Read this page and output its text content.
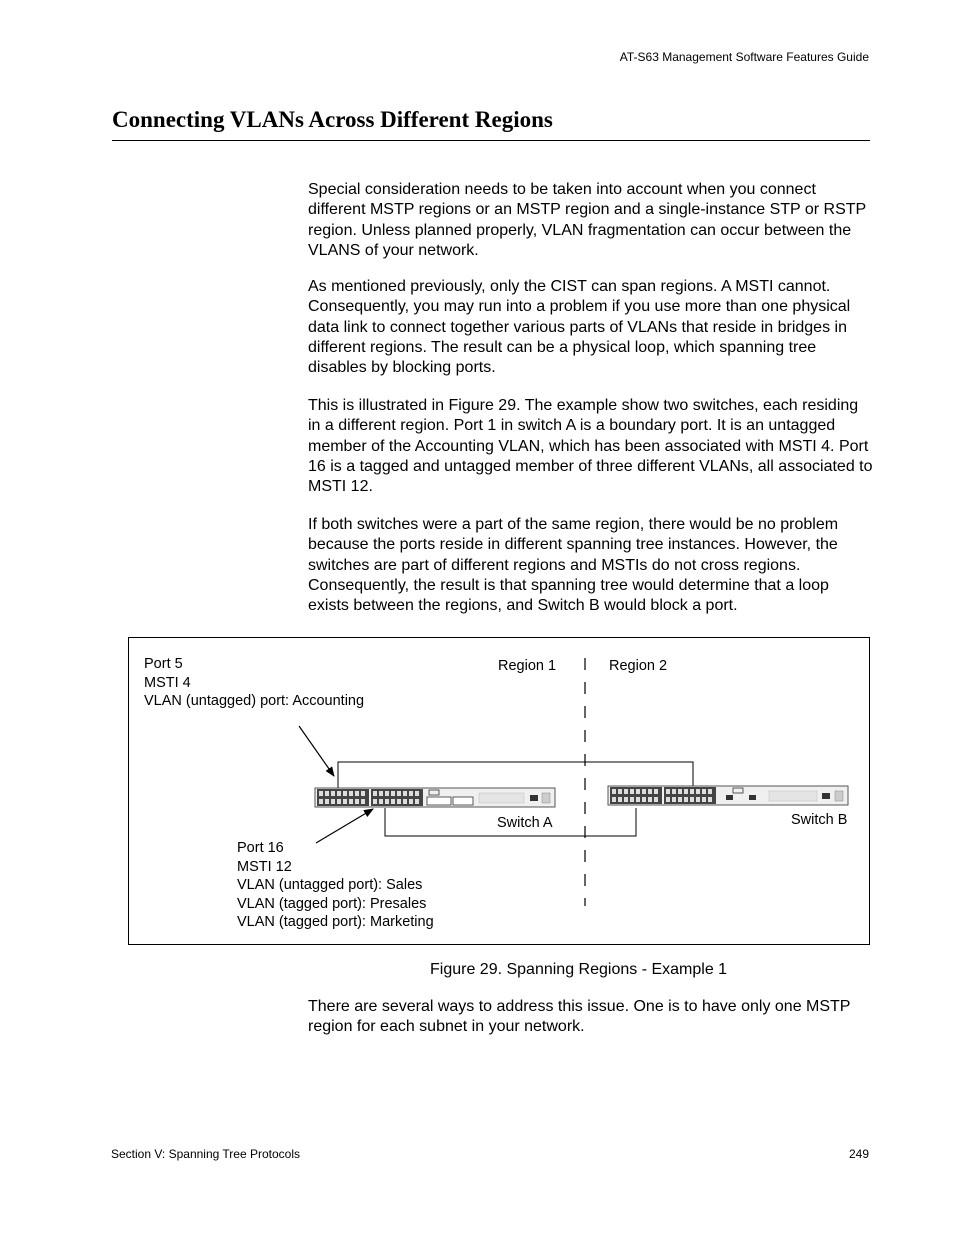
AT-S63 Management Software Features Guide
Connecting VLANs Across Different Regions

Special consideration needs to be taken into account when you connect different MSTP regions or an MSTP region and a single-instance STP or RSTP region. Unless planned properly, VLAN fragmentation can occur between the VLANS of your network.

As mentioned previously, only the CIST can span regions. A MSTI cannot. Consequently, you may run into a problem if you use more than one physical data link to connect together various parts of VLANs that reside in bridges in different regions. The result can be a physical loop, which spanning tree disables by blocking ports.

This is illustrated in Figure 29. The example show two switches, each residing in a different region. Port 1 in switch A is a boundary port. It is an untagged member of the Accounting VLAN, which has been associated with MSTI 4. Port 16 is a tagged and untagged member of three different VLANs, all associated to MSTI 12.

If both switches were a part of the same region, there would be no problem because the ports reside in different spanning tree instances. However, the switches are part of different regions and MSTIs do not cross regions. Consequently, the result is that spanning tree would determine that a loop exists between the regions, and Switch B would block a port.

Port 5
MSTI 4
VLAN (untagged) port: Accounting
Region 1	Region 2
Switch A	Switch B
Port 16
MSTI 12
VLAN (untagged port): Sales
VLAN (tagged port): Presales
VLAN (tagged port): Marketing
Figure 29. Spanning Regions - Example 1

There are several ways to address this issue. One is to have only one MSTP region for each subnet in your network.

Section V: Spanning Tree Protocols	249
